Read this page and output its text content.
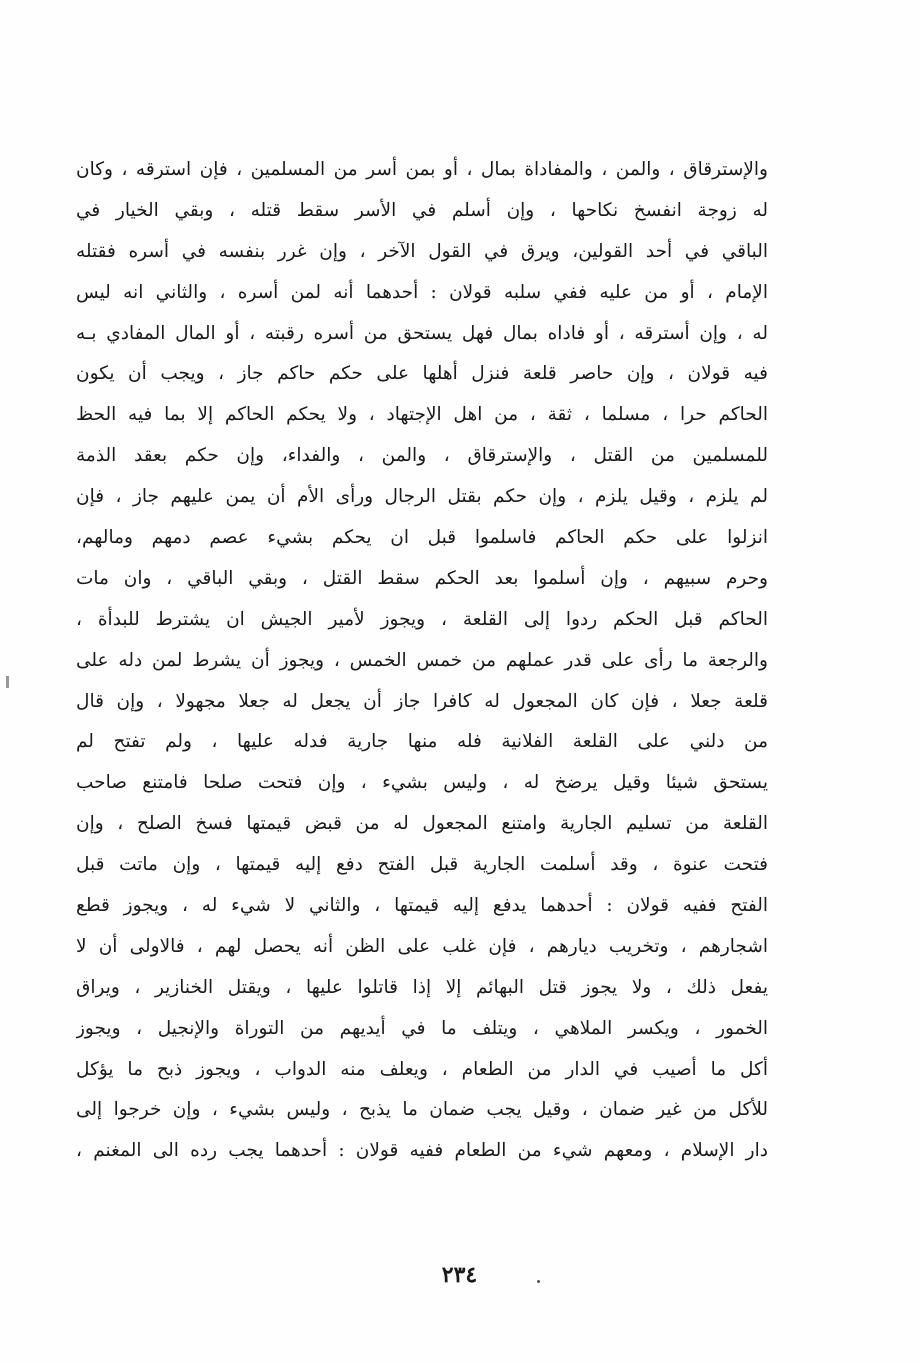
والإسترقاق ، والمن ، والمفاداة بمال ، أو بمن أسر من المسلمين ، فإن استرقه ، وكان
له زوجة انفسخ نكاحها ، وإن أسلم في الأسر سقط قتله ، وبقي الخيار في
الباقي في أحد القولين، ويرق في القول الآخر ، وإن غرر بنفسه في أسره فقتله
الإمام ، أو من عليه ففي سلبه قولان : أحدهما أنه لمن أسره ، والثاني انه ليس
له ، وإن أسترقه ، أو فاداه بمال فهل يستحق من أسره رقبته ، أو المال المفادي بـه
فيه قولان ، وإن حاصر قلعة فنزل أهلها على حكم حاكم جاز ، ويجب أن يكون
الحاكم حرا ، مسلما ، ثقة ، من اهل الإجتهاد ، ولا يحكم الحاكم إلا بما فيه الحظ
للمسلمين من القتل ، والإسترقاق ، والمن ، والفداء، وإن حكم بعقد الذمة
لم يلزم ، وقيل يلزم ، وإن حكم بقتل الرجال ورأى الأم أن يمن عليهم جاز ، فإن
انزلوا على حكم الحاكم فاسلموا قبل ان يحكم بشيء عصم دمهم ومالهم،
وحرم سبيهم ، وإن أسلموا بعد الحكم سقط القتل ، وبقي الباقي ، وان مات
الحاكم قبل الحكم ردوا إلى القلعة ، ويجوز لأمير الجيش ان يشترط للبدأة ،
والرجعة ما رأى على قدر عملهم من خمس الخمس ، ويجوز أن يشرط لمن دله على
قلعة جعلا ، فإن كان المجعول له كافرا جاز أن يجعل له جعلا مجهولا ، وإن قال
من دلني على القلعة الفلانية فله منها جارية فدله عليها ، ولم تفتح لم
يستحق شيئا وقيل يرضخ له ، وليس بشيء ، وإن فتحت صلحا فامتنع صاحب
القلعة من تسليم الجارية وامتنع المجعول له من قبض قيمتها فسخ الصلح ، وإن
فتحت عنوة ، وقد أسلمت الجارية قبل الفتح دفع إليه قيمتها ، وإن ماتت قبل
الفتح ففيه قولان : أحدهما يدفع إليه قيمتها ، والثاني لا شيء له ، ويجوز قطع
اشجارهم ، وتخريب ديارهم ، فإن غلب على الظن أنه يحصل لهم ، فالاولى أن لا
يفعل ذلك ، ولا يجوز قتل البهائم إلا إذا قاتلوا عليها ، ويقتل الخنازير ، ويراق
الخمور ، ويكسر الملاهي ، ويتلف ما في أيديهم من التوراة والإنجيل ، ويجوز
أكل ما أصيب في الدار من الطعام ، ويعلف منه الدواب ، ويجوز ذبح ما يؤكل
للأكل من غير ضمان ، وقيل يجب ضمان ما يذبح ، وليس بشيء ، وإن خرجوا إلى
دار الإسلام ، ومعهم شيء من الطعام ففيه قولان : أحدهما يجب رده الى المغنم ،
٢٣٤
